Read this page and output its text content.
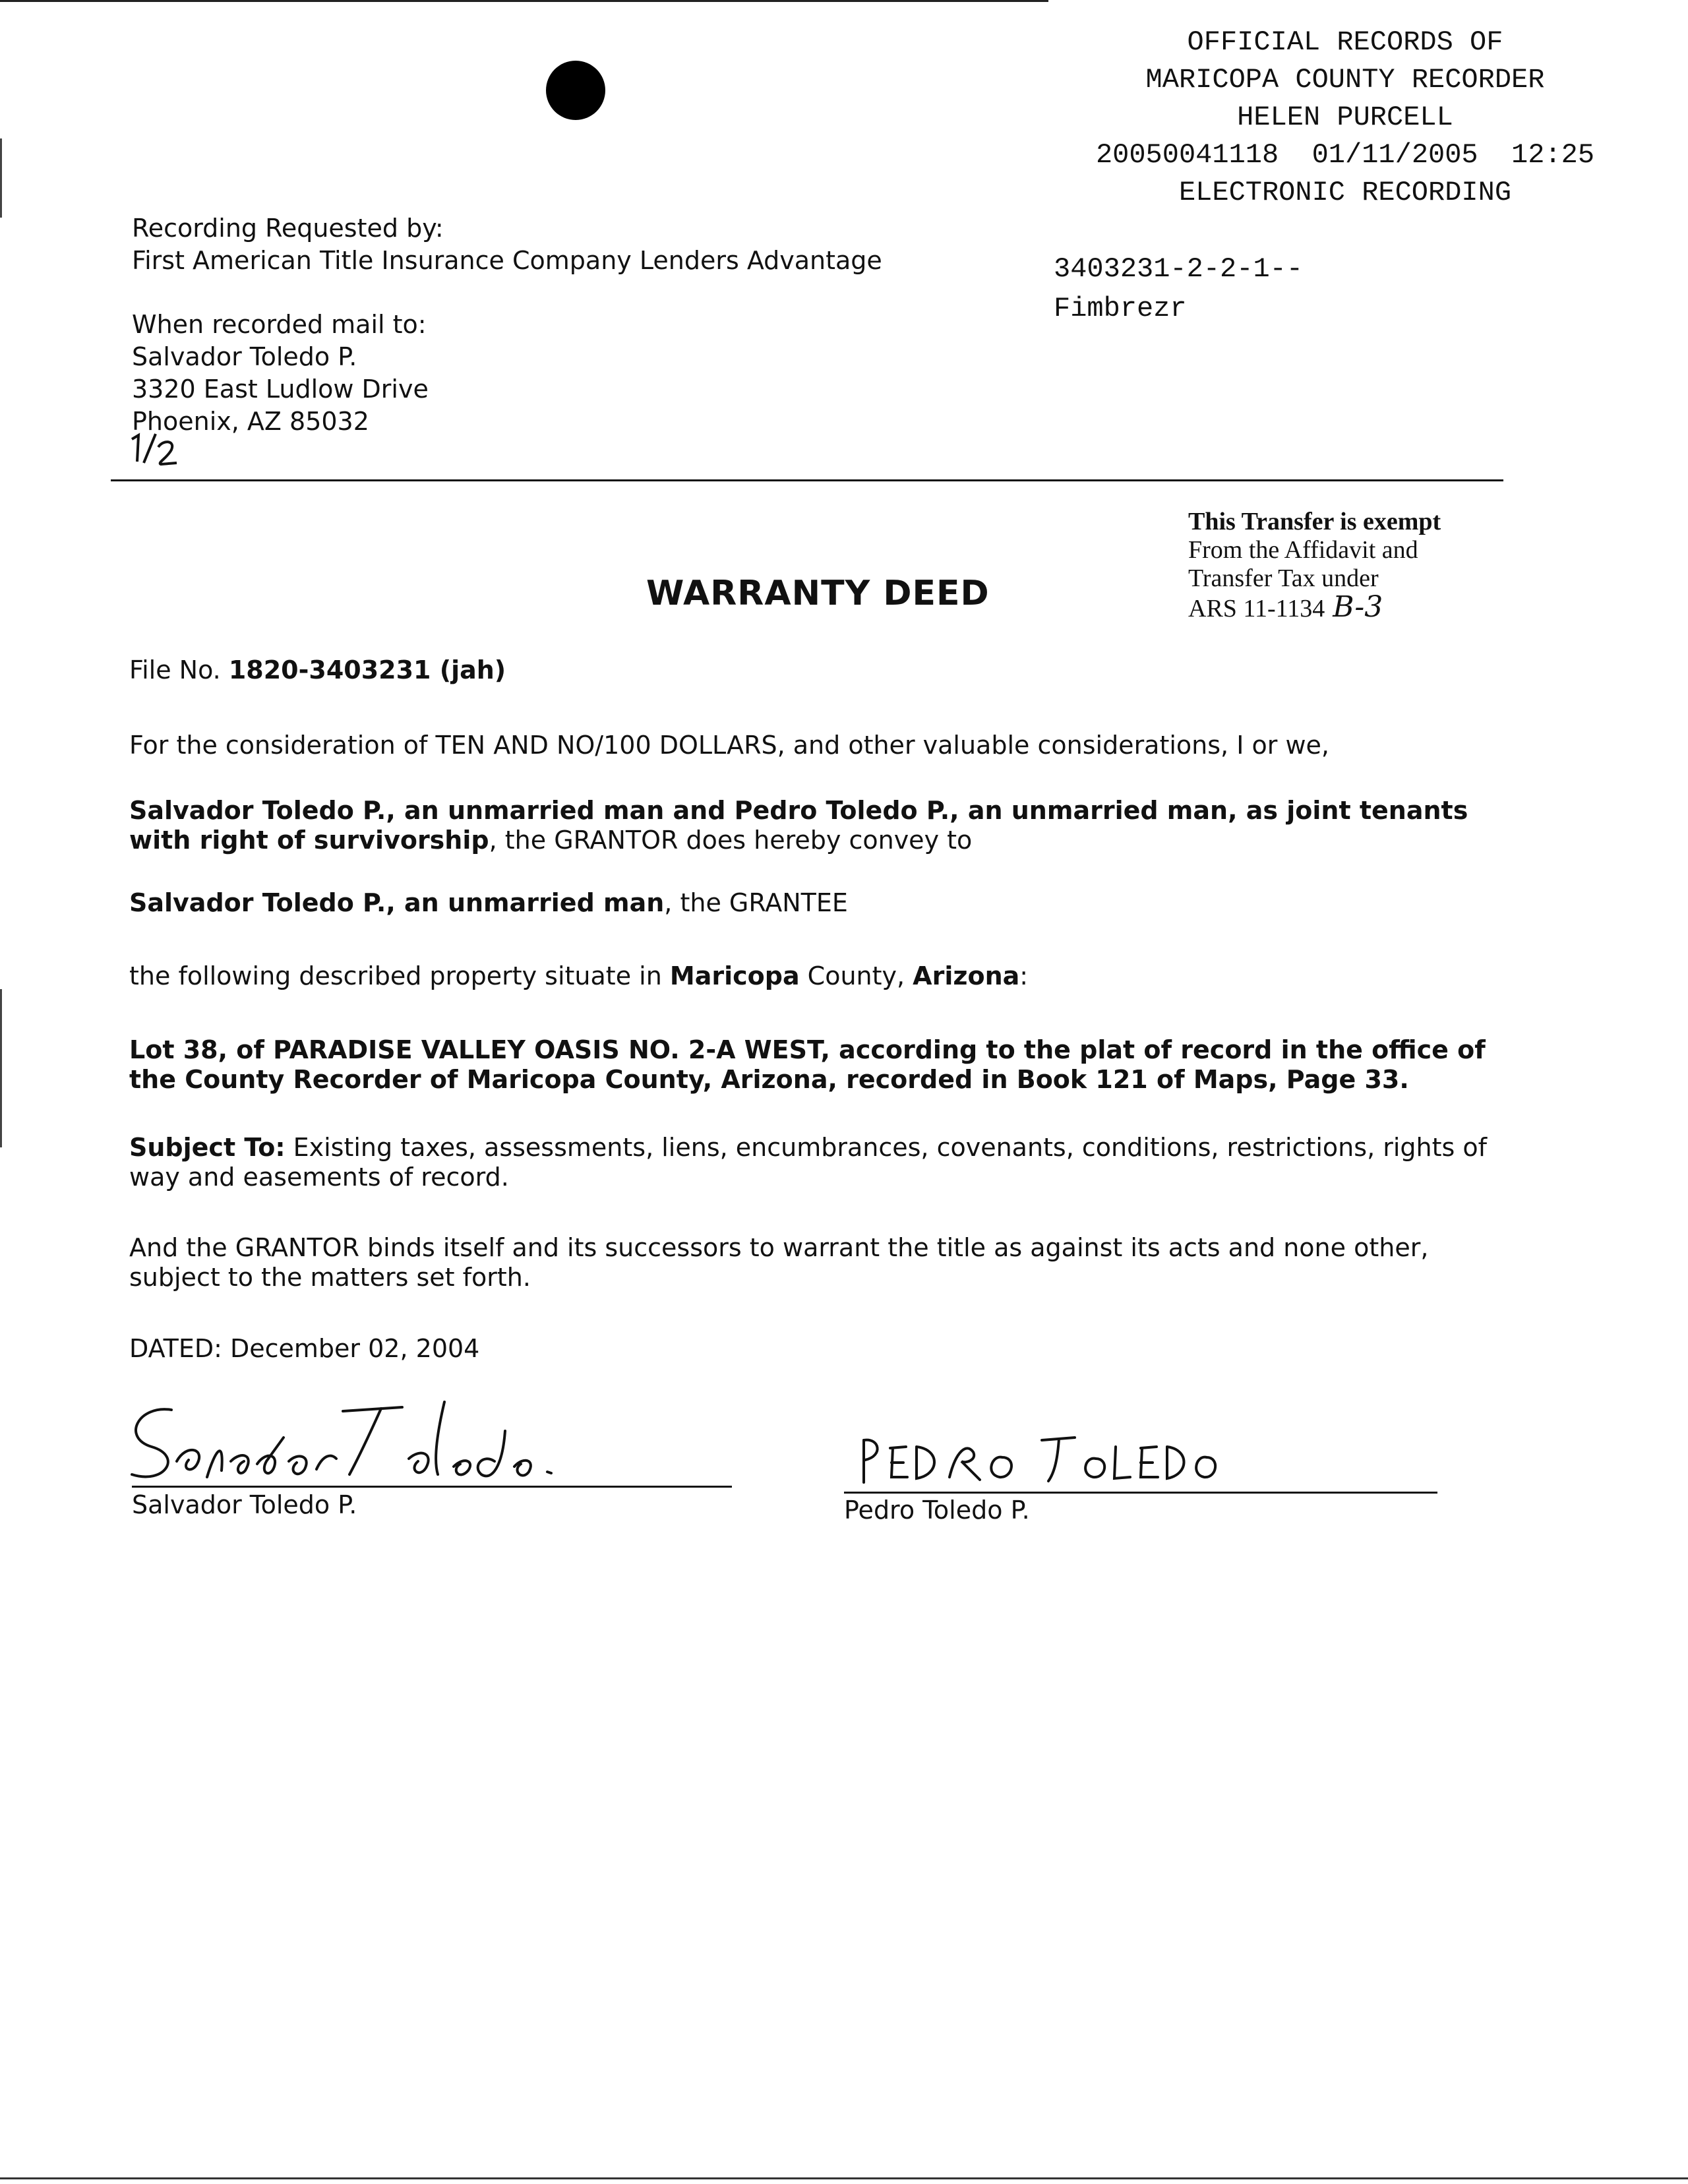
OFFICIAL RECORDS OF
MARICOPA COUNTY RECORDER
HELEN PURCELL
20050041118  01/11/2005  12:25
ELECTRONIC RECORDING
3403231-2-2-1--
Fimbrezr
Recording Requested by:
First American Title Insurance Company Lenders Advantage
When recorded mail to:
Salvador Toledo P.
3320 East Ludlow Drive
Phoenix, AZ 85032
This Transfer is exempt
From the Affidavit and
Transfer Tax under
ARS 11-1134 B-3
WARRANTY DEED
File No. 1820-3403231 (jah)
For the consideration of TEN AND NO/100 DOLLARS, and other valuable considerations, I or we,
Salvador Toledo P., an unmarried man and Pedro Toledo P., an unmarried man, as joint tenants with right of survivorship, the GRANTOR does hereby convey to
Salvador Toledo P., an unmarried man, the GRANTEE
the following described property situate in Maricopa County, Arizona:
Lot 38, of PARADISE VALLEY OASIS NO. 2-A WEST, according to the plat of record in the office of the County Recorder of Maricopa County, Arizona, recorded in Book 121 of Maps, Page 33.
Subject To: Existing taxes, assessments, liens, encumbrances, covenants, conditions, restrictions, rights of way and easements of record.
And the GRANTOR binds itself and its successors to warrant the title as against its acts and none other, subject to the matters set forth.
DATED: December 02, 2004
Salvador Toledo P.	Pedro Toledo P.
